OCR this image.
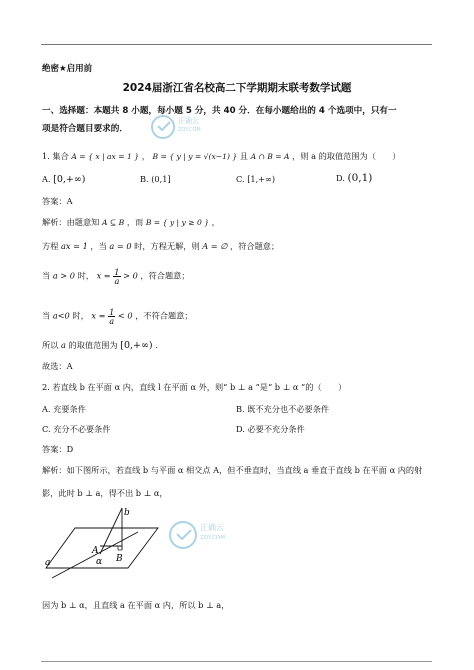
绝密★启用前
2024届浙江省名校高二下学期期末联考数学试题
一、选择题：本题共 8 小题，每小题 5 分，共 40 分．在每小题给出的 4 个选项中，只有一
项是符合题目要求的．
正确云
ZQY.COM
1. 集合 A = { x | ax = 1 } ， B = { y | y = √(x−1) } 且 A ∩ B = A ，则 a 的取值范围为（　　）
A. [0,+∞)	B. (0,1]	C. [1,+∞)	D. (0,1)
答案：A
解析：由题意知 A ⊆ B ，而 B = { y | y ≥ 0 } ，
方程 ax = 1 ，当 a = 0 时，方程无解，则 A = ∅ ，符合题意；
当 a > 0 时， $x = \frac{1}{a} > 0$ ，符合题意；
当 a<0 时， $x = \frac{1}{a} < 0$ ，不符合题意；
所以 a 的取值范围为 [0,+∞) .
故选：A
2. 若直线 b 在平面 α 内，直线 l 在平面 α 外，则“ b ⊥ a ”是“ b ⊥ α ”的（　　）
A. 充要条件	B. 既不充分也不必要条件
C. 充分不必要条件	D. 必要不充分条件
答案：D
解析：如下图所示，若直线 b 与平面 α 相交点 A，但不垂直时，当直线 a 垂直于直线 b 在平面 α 内的射
影，此时 b ⊥ a，得不出 b ⊥ α，
b
A
B
a	α
正确云
ZQY.COM
因为 b ⊥ α，且直线 a 在平面 α 内，所以 b ⊥ a，
